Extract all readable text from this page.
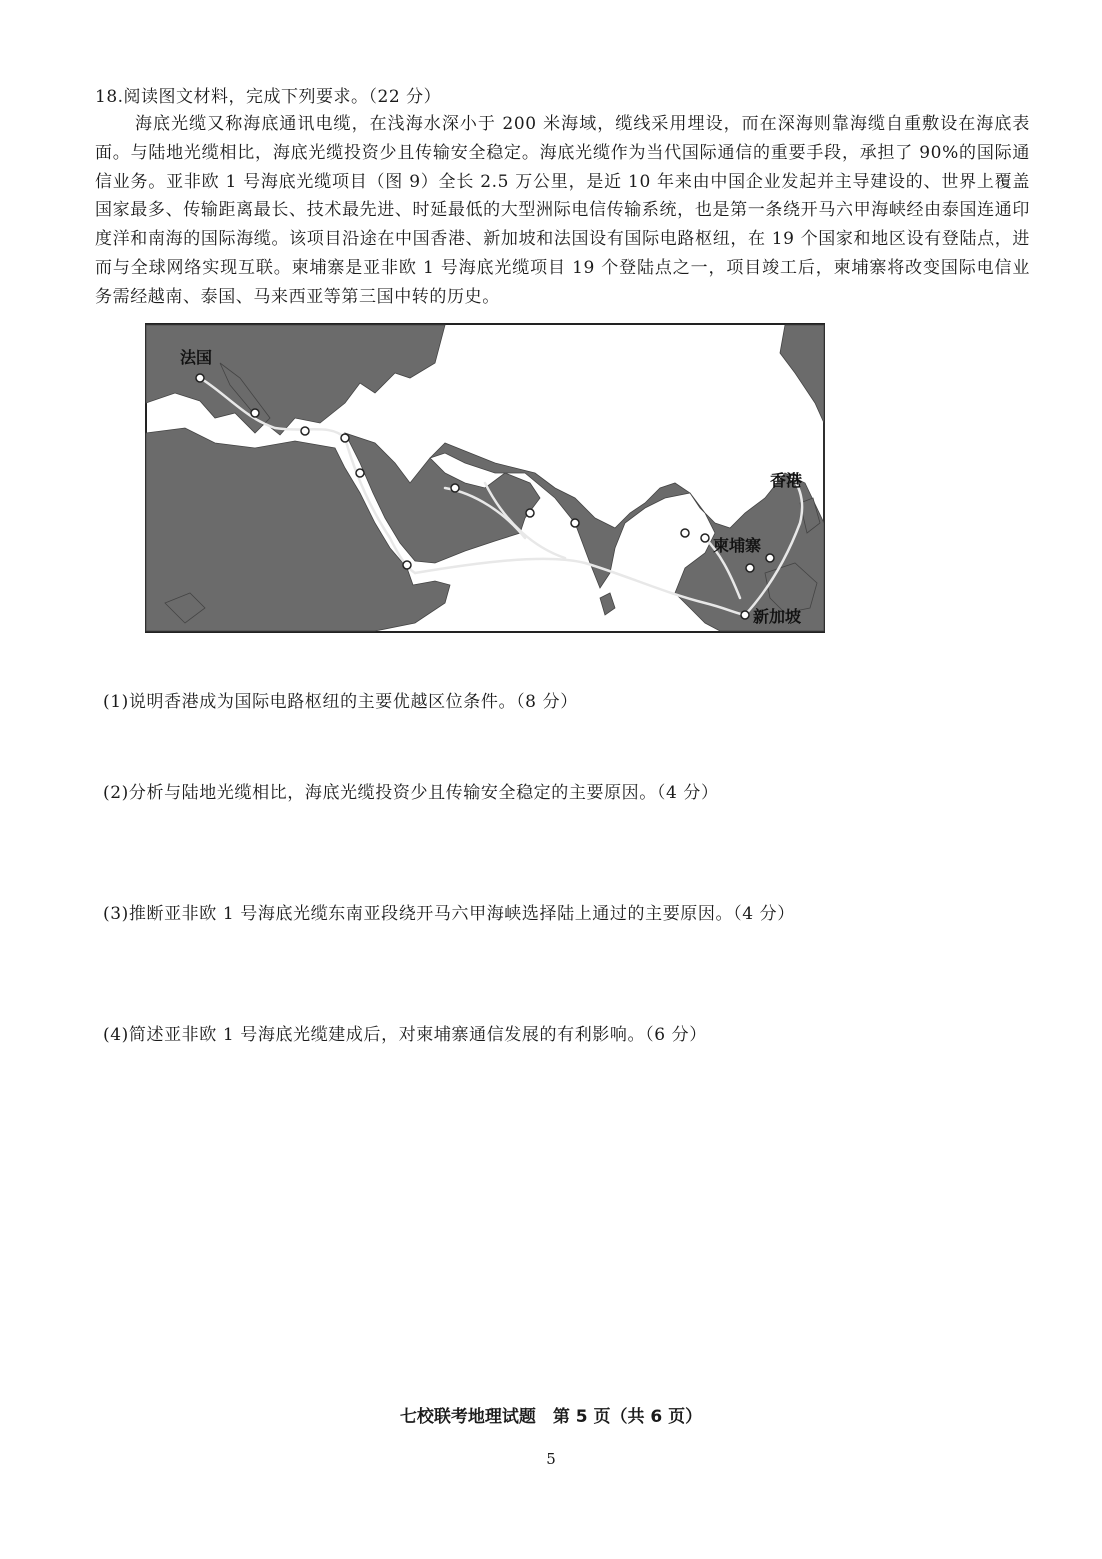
18.阅读图文材料，完成下列要求。（22 分）

海底光缆又称海底通讯电缆，在浅海水深小于 200 米海域，缆线采用埋设，而在深海则靠海缆自重敷设在海底表面。与陆地光缆相比，海底光缆投资少且传输安全稳定。海底光缆作为当代国际通信的重要手段，承担了 90%的国际通信业务。亚非欧 1 号海底光缆项目（图 9）全长 2.5 万公里，是近 10 年来由中国企业发起并主导建设的、世界上覆盖国家最多、传输距离最长、技术最先进、时延最低的大型洲际电信传输系统，也是第一条绕开马六甲海峡经由泰国连通印度洋和南海的国际海缆。该项目沿途在中国香港、新加坡和法国设有国际电路枢纽，在 19 个国家和地区设有登陆点，进而与全球网络实现互联。柬埔寨是亚非欧 1 号海底光缆项目 19 个登陆点之一，项目竣工后，柬埔寨将改变国际电信业务需经越南、泰国、马来西亚等第三国中转的历史。

法国
香港
柬埔寨
新加坡
(1)说明香港成为国际电路枢纽的主要优越区位条件。（8 分）
(2)分析与陆地光缆相比，海底光缆投资少且传输安全稳定的主要原因。（4 分）
(3)推断亚非欧 1 号海底光缆东南亚段绕开马六甲海峡选择陆上通过的主要原因。（4 分）
(4)简述亚非欧 1 号海底光缆建成后，对柬埔寨通信发展的有利影响。（6 分）
七校联考地理试题　第 5 页（共 6 页）
5
